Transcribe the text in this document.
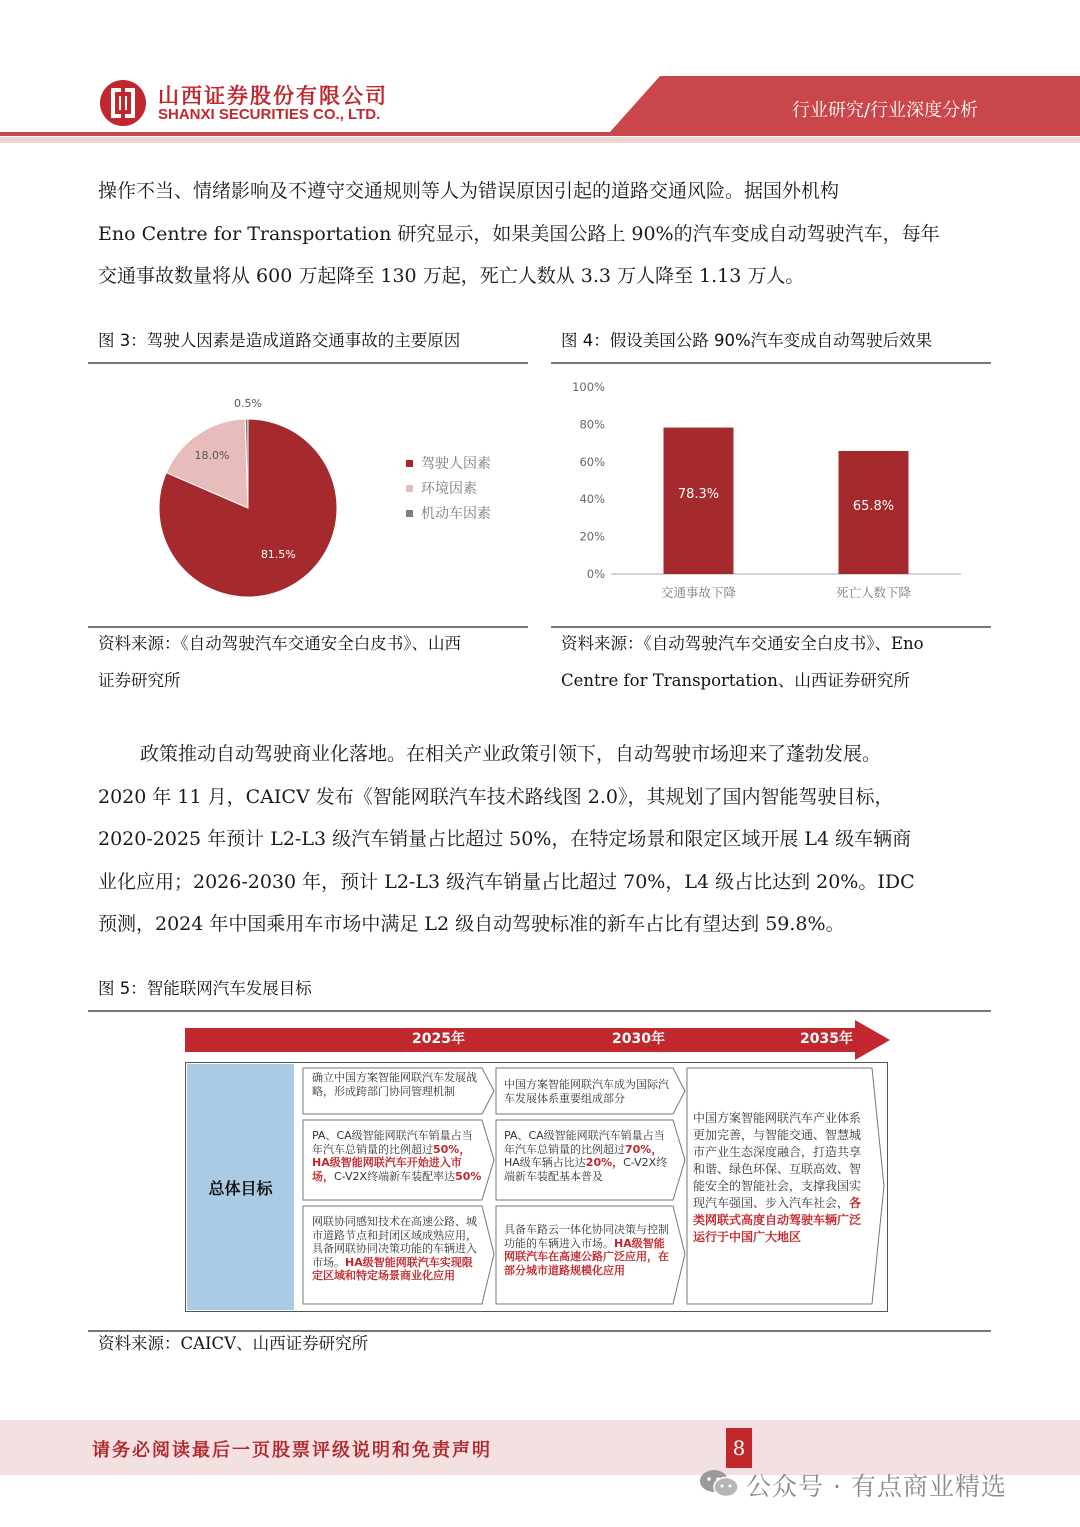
山西证券股份有限公司
SHANXI SECURITIES CO., LTD.	行业研究/行业深度分析

操作不当、情绪影响及不遵守交通规则等人为错误原因引起的道路交通风险。据国外机构

Eno Centre for Transportation 研究显示，如果美国公路上 90%的汽车变成自动驾驶汽车，每年

交通事故数量将从 600 万起降至 130 万起，死亡人数从 3.3 万人降至 1.13 万人。

图 3：驾驶人因素是造成道路交通事故的主要原因
81.5%
18.0%
0.5%
驾驶人因素
环境因素
机动车因素
资料来源：《自动驾驶汽车交通安全白皮书》、山西
证券研究所
图 4：假设美国公路 90%汽车变成自动驾驶后效果
0%
20%
40%
60%
80%
100%
78.3%
交通事故下降
65.8%
死亡人数下降
资料来源：《自动驾驶汽车交通安全白皮书》、Eno
Centre for Transportation、山西证券研究所

政策推动自动驾驶商业化落地。在相关产业政策引领下，自动驾驶市场迎来了蓬勃发展。

2020 年 11 月，CAICV 发布《智能网联汽车技术路线图 2.0》，其规划了国内智能驾驶目标，

2020-2025 年预计 L2-L3 级汽车销量占比超过 50%，在特定场景和限定区域开展 L4 级车辆商

业化应用；2026-2030 年，预计 L2-L3 级汽车销量占比超过 70%，L4 级占比达到 20%。IDC

预测，2024 年中国乘用车市场中满足 L2 级自动驾驶标准的新车占比有望达到 59.8%。

图 5：智能联网汽车发展目标
2025年	2030年	2035年
总体目标
确立中国方案智能网联汽车发展战略，形成跨部门协同管理机制
PA、CA级智能网联汽车销量占当年汽车总销量的比例超过50%，HA级智能网联汽车开始进入市场，C-V2X终端新车装配率达50%
网联协同感知技术在高速公路、城市道路节点和封闭区域成熟应用，具备网联协同决策功能的车辆进入市场。HA级智能网联汽车实现限定区域和特定场景商业化应用
中国方案智能网联汽车成为国际汽车发展体系重要组成部分
PA、CA级智能网联汽车销量占当年汽车总销量的比例超过70%，HA级车辆占比达20%，C-V2X终端新车装配基本普及
具备车路云一体化协同决策与控制功能的车辆进入市场。HA级智能网联汽车在高速公路广泛应用，在部分城市道路规模化应用
中国方案智能网联汽车产业体系更加完善，与智能交通、智慧城市产业生态深度融合，打造共享和谐、绿色环保、互联高效、智能安全的智能社会，支撑我国实现汽车强国、步入汽车社会，各类网联式高度自动驾驶车辆广泛运行于中国广大地区
资料来源：CAICV、山西证券研究所
请务必阅读最后一页股票评级说明和免责声明	8
公众号 · 有点商业精选
